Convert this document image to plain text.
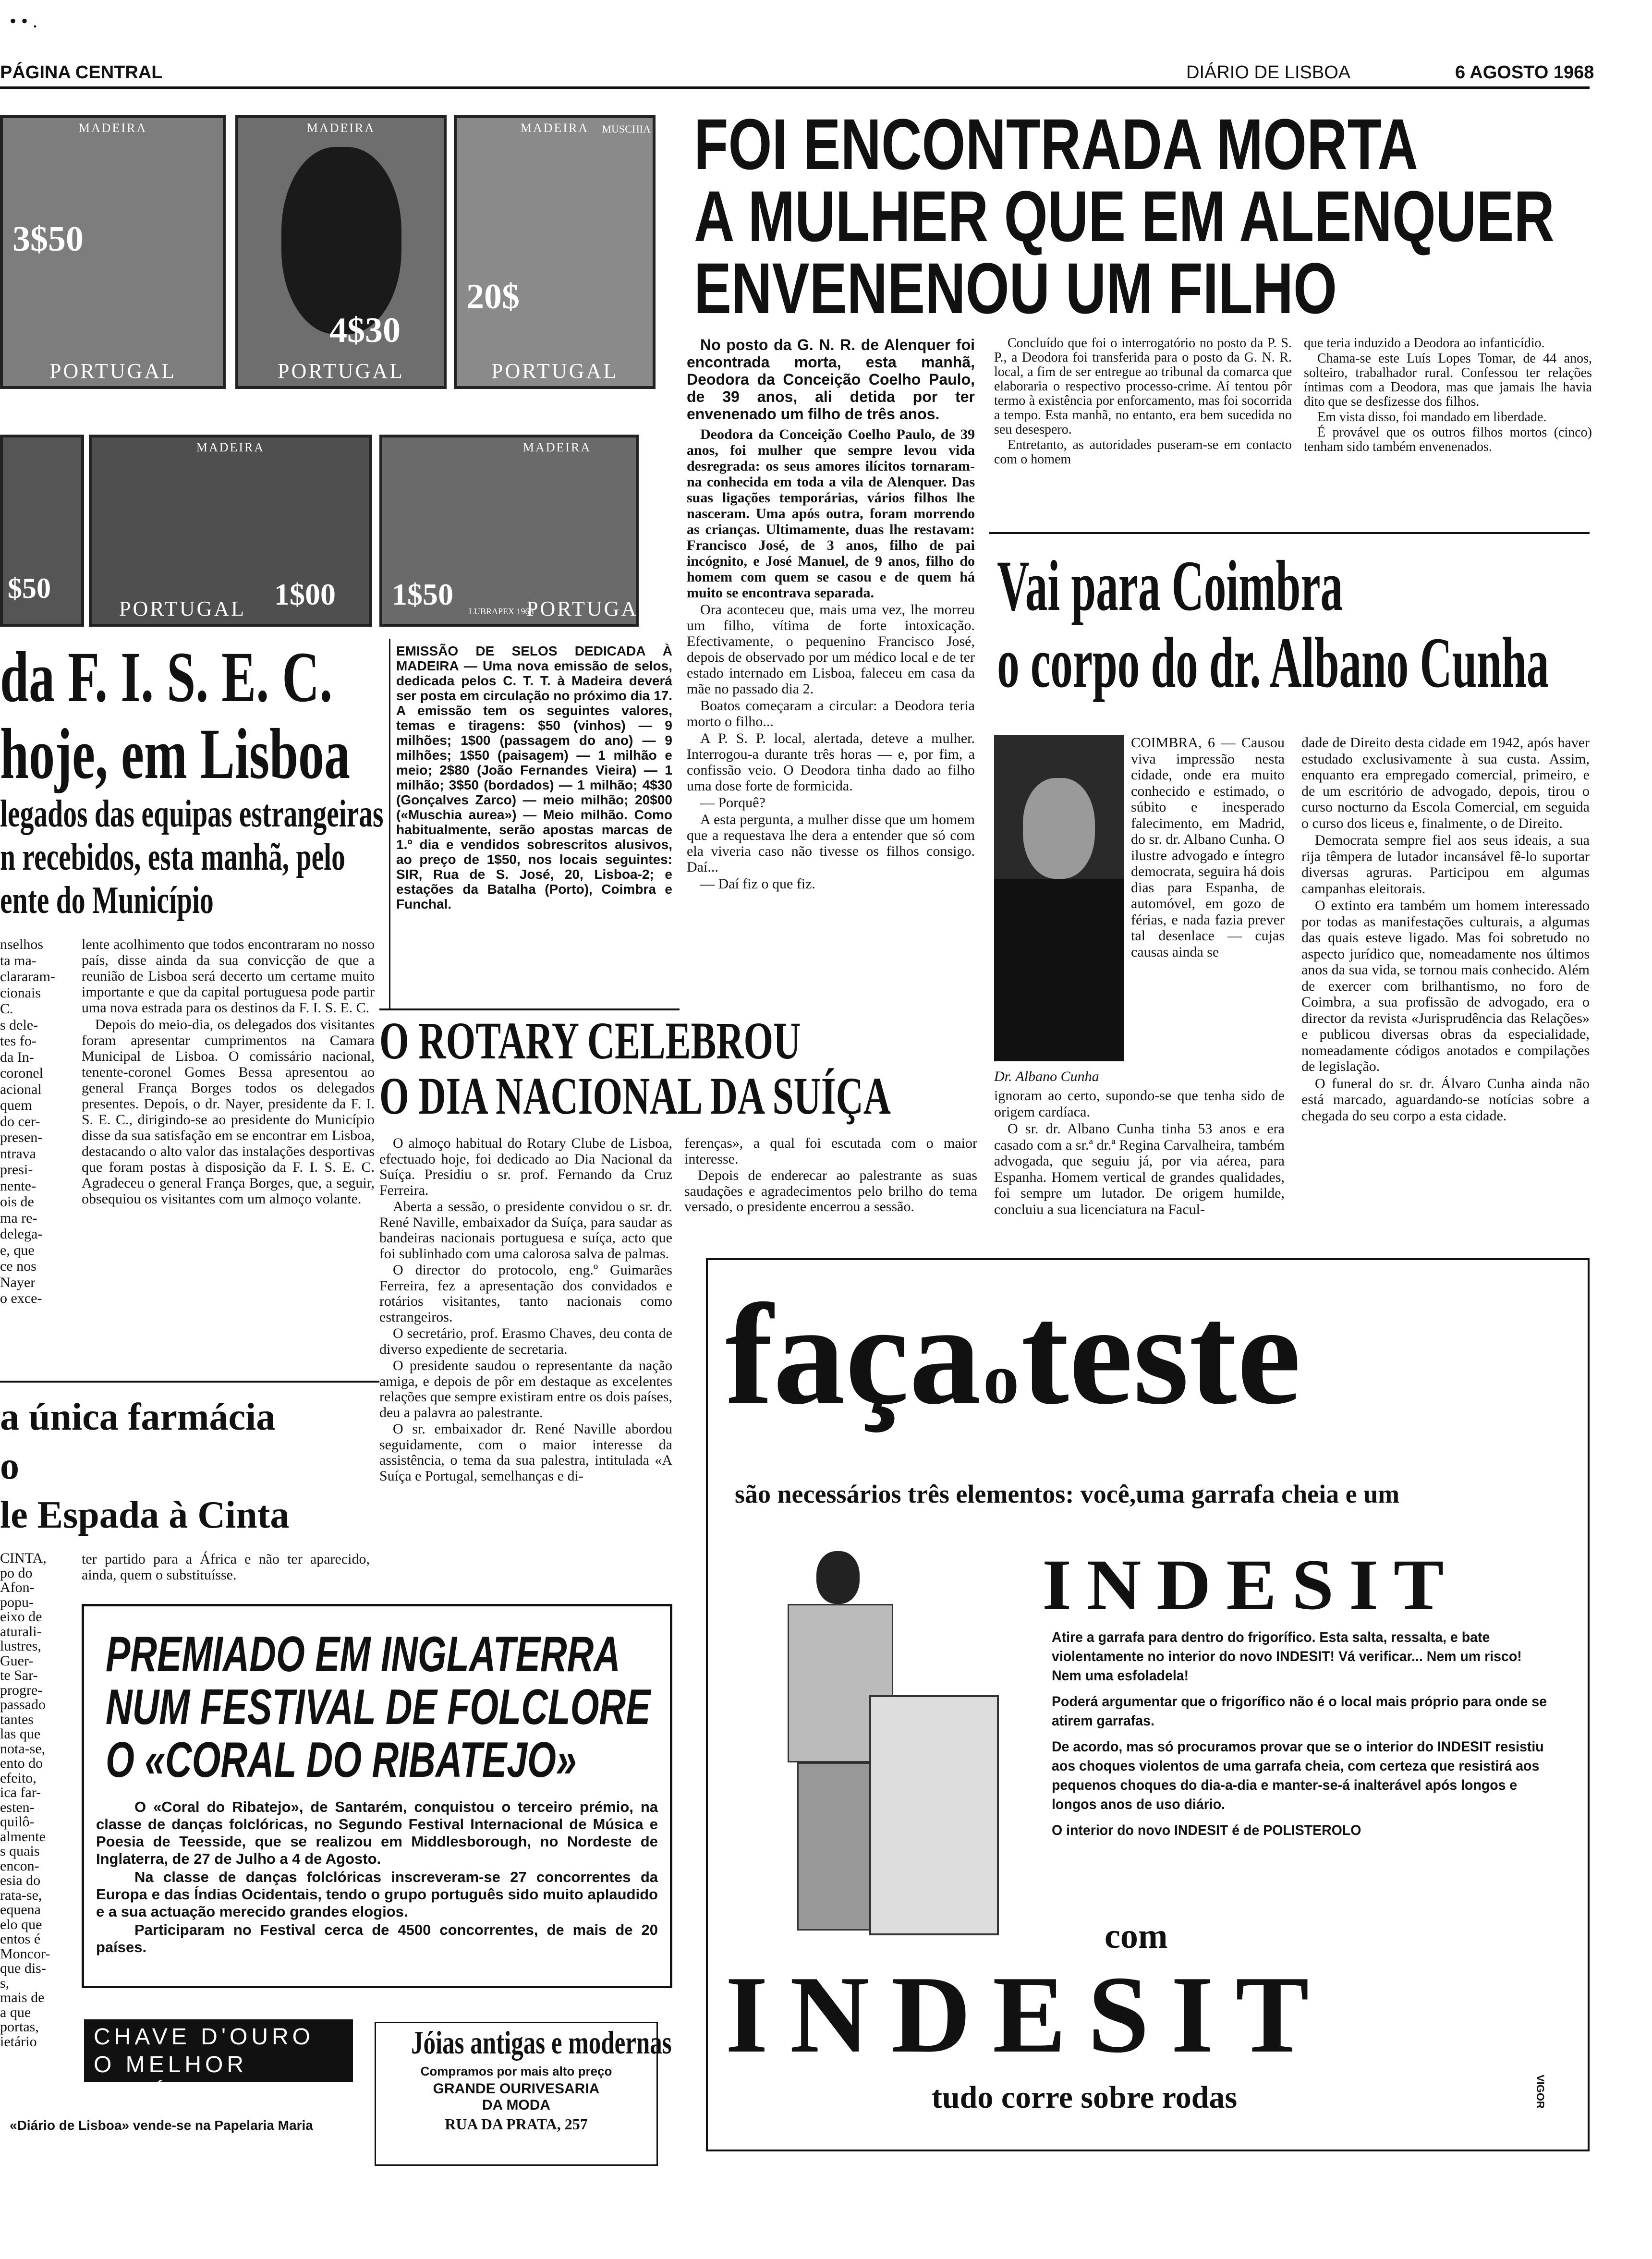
PÁGINA CENTRAL	DIÁRIO DE LISBOA	6 AGOSTO 1968
• • .
MADEIRA
3$50
PORTUGAL
MADEIRA
4$30
PORTUGAL
MADEIRA
20$
MUSCHIA
PORTUGAL
$50
MADEIRA
1$00
PORTUGAL
MADEIRA
1$50 LUBRAPEX 1968
PORTUGAL
FOI ENCONTRADA MORTA
A MULHER QUE EM ALENQUER
ENVENENOU UM FILHO

No posto da G. N. R. de Alenquer foi encontrada morta, esta manhã, Deodora da Conceição Coelho Paulo, de 39 anos, ali detida por ter envenenado um filho de três anos.

Deodora da Conceição Coelho Paulo, de 39 anos, foi mulher que sempre levou vida desregrada: os seus amores ilícitos tornaram-na conhecida em toda a vila de Alenquer. Das suas ligações temporárias, vários filhos lhe nasceram. Uma após outra, foram morrendo as crianças. Ultimamente, duas lhe restavam: Francisco José, de 3 anos, filho de pai incógnito, e José Manuel, de 9 anos, filho do homem com quem se casou e de quem há muito se encontrava separada.

Ora aconteceu que, mais uma vez, lhe morreu um filho, vítima de forte intoxicação. Efectivamente, o pequenino Francisco José, depois de observado por um médico local e de ter estado internado em Lisboa, faleceu em casa da mãe no passado dia 2.

Boatos começaram a circular: a Deodora teria morto o filho...

A P. S. P. local, alertada, deteve a mulher. Interrogou-a durante três horas — e, por fim, a confissão veio. O Deodora tinha dado ao filho uma dose forte de formicida.

— Porquê?

A esta pergunta, a mulher disse que um homem que a requestava lhe dera a entender que só com ela viveria caso não tivesse os filhos consigo. Daí...

— Daí fiz o que fiz.

Concluído que foi o interrogatório no posto da P. S. P., a Deodora foi transferida para o posto da G. N. R. local, a fim de ser entregue ao tribunal da comarca que elaboraria o respectivo processo-crime. Aí tentou pôr termo à existência por enforcamento, mas foi socorrida a tempo. Esta manhã, no entanto, era bem sucedida no seu desespero.

Entretanto, as autoridades puseram-se em contacto com o homem

que teria induzido a Deodora ao infanticídio.

Chama-se este Luís Lopes Tomar, de 44 anos, solteiro, trabalhador rural. Confessou ter relações íntimas com a Deodora, mas que jamais lhe havia dito que se desfizesse dos filhos.

Em vista disso, foi mandado em liberdade.

É provável que os outros filhos mortos (cinco) tenham sido também envenenados.

EMISSÃO DE SELOS DEDICADA À MADEIRA — Uma nova emissão de selos, dedicada pelos C. T. T. à Madeira deverá ser posta em circulação no próximo dia 17. A emissão tem os seguintes valores, temas e tiragens: $50 (vinhos) — 9 milhões; 1$00 (passagem do ano) — 9 milhões; 1$50 (paisagem) — 1 milhão e meio; 2$80 (João Fernandes Vieira) — 1 milhão; 3$50 (bordados) — 1 milhão; 4$30 (Gonçalves Zarco) — meio milhão; 20$00 («Muschia aurea») — Meio milhão. Como habitualmente, serão apostas marcas de 1.º dia e vendidos sobrescritos alusivos, ao preço de 1$50, nos locais seguintes: SIR, Rua de S. José, 20, Lisboa-2; e estações da Batalha (Porto), Coimbra e Funchal.

da F. I. S. E. C.
hoje, em Lisboa
legados das equipas estrangeiras
n recebidos, esta manhã, pelo
ente do Município
nselhos
ta ma-
clararam-
cionais
C.
s dele-
tes fo-
da In-
coronel
acional
quem
do cer-
presen-
ntrava
presi-
nente-
ois de
ma re-
delega-
e, que
ce nos
Nayer
o exce-

lente acolhimento que todos encontraram no nosso país, disse ainda da sua convicção de que a reunião de Lisboa será decerto um certame muito importante e que da capital portuguesa pode partir uma nova estrada para os destinos da F. I. S. E. C.

Depois do meio-dia, os delegados dos visitantes foram apresentar cumprimentos na Camara Municipal de Lisboa. O comissário nacional, tenente-coronel Gomes Bessa apresentou ao general França Borges todos os delegados presentes. Depois, o dr. Nayer, presidente da F. I. S. E. C., dirigindo-se ao presidente do Município disse da sua satisfação em se encontrar em Lisboa, destacando o alto valor das instalações desportivas que foram postas à disposição da F. I. S. E. C. Agradeceu o general França Borges, que, a seguir, obsequiou os visitantes com um almoço volante.

a única farmácia
o
le Espada à Cinta
CINTA,
po do
Afon-
popu-
eixo de
aturali-
lustres,
Guer-
te Sar-
progre-
passado
tantes
las que
nota-se,
ento do
efeito,
ica far-
esten-
quilô-
almente
s quais
encon-
esia do
rata-se,
equena
elo que
entos é
Moncor-
que dis-
s,
mais de
a que
portas,
ietário

ter partido para a África e não ter aparecido, ainda, quem o substituísse.

O ROTARY CELEBROU
O DIA NACIONAL DA SUÍÇA

O almoço habitual do Rotary Clube de Lisboa, efectuado hoje, foi dedicado ao Dia Nacional da Suíça. Presidiu o sr. prof. Fernando da Cruz Ferreira.

Aberta a sessão, o presidente convidou o sr. dr. René Naville, embaixador da Suíça, para saudar as bandeiras nacionais portuguesa e suíça, acto que foi sublinhado com uma calorosa salva de palmas.

O director do protocolo, eng.º Guimarães Ferreira, fez a apresentação dos convidados e rotários visitantes, tanto nacionais como estrangeiros.

O secretário, prof. Erasmo Chaves, deu conta de diverso expediente de secretaria.

O presidente saudou o representante da nação amiga, e depois de pôr em destaque as excelentes relações que sempre existiram entre os dois países, deu a palavra ao palestrante.

O sr. embaixador dr. René Naville abordou seguidamente, com o maior interesse da assistência, o tema da sua palestra, intitulada «A Suíça e Portugal, semelhanças e di-

ferenças», a qual foi escutada com o maior interesse.

Depois de enderecar ao palestrante as suas saudações e agradecimentos pelo brilho do tema versado, o presidente encerrou a sessão.

Vai para Coimbra
o corpo do dr. Albano Cunha
Dr. Albano Cunha

COIMBRA, 6 — Causou viva impressão nesta cidade, onde era muito conhecido e estimado, o súbito e inesperado falecimento, em Madrid, do sr. dr. Albano Cunha. O ilustre advogado e íntegro democrata, seguira há dois dias para Espanha, de automóvel, em gozo de férias, e nada fazia prever tal desenlace — cujas causas ainda se

ignoram ao certo, supondo-se que tenha sido de origem cardíaca.

O sr. dr. Albano Cunha tinha 53 anos e era casado com a sr.ª dr.ª Regina Carvalheira, também advogada, que seguiu já, por via aérea, para Espanha. Homem vertical de grandes qualidades, foi sempre um lutador. De origem humilde, concluiu a sua licenciatura na Facul-

dade de Direito desta cidade em 1942, após haver estudado exclusivamente à sua custa. Assim, enquanto era empregado comercial, primeiro, e de um escritório de advogado, depois, tirou o curso nocturno da Escola Comercial, em seguida o curso dos liceus e, finalmente, o de Direito.

Democrata sempre fiel aos seus ideais, a sua rija têmpera de lutador incansável fê-lo suportar diversas agruras. Participou em algumas campanhas eleitorais.

O extinto era também um homem interessado por todas as manifestações culturais, a algumas das quais esteve ligado. Mas foi sobretudo no aspecto jurídico que, nomeadamente nos últimos anos da sua vida, se tornou mais conhecido. Além de exercer com brilhantismo, no foro de Coimbra, a sua profissão de advogado, era o director da revista «Jurisprudência das Relações» e publicou diversas obras da especialidade, nomeadamente códigos anotados e compilações de legislação.

O funeral do sr. dr. Álvaro Cunha ainda não está marcado, aguardando-se notícias sobre a chegada do seu corpo a esta cidade.

PREMIADO EM INGLATERRA
NUM FESTIVAL DE FOLCLORE
O «CORAL DO RIBATEJO»

O «Coral do Ribatejo», de Santarém, conquistou o terceiro prémio, na classe de danças folclóricas, no Segundo Festival Internacional de Música e Poesia de Teesside, que se realizou em Middlesborough, no Nordeste de Inglaterra, de 27 de Julho a 4 de Agosto.

Na classe de danças folclóricas inscreveram-se 27 concorrentes da Europa e das Índias Ocidentais, tendo o grupo português sido muito aplaudido e a sua actuação merecido grandes elogios.

Participaram no Festival cerca de 4500 concorrentes, de mais de 20 países.

CHAVE D'OURO
O MELHOR CAFÉ...
Jóias antigas e modernas
Compramos por mais alto preço
GRANDE OURIVESARIA
DA MODA
RUA DA PRATA, 257
«Diário de Lisboa» vende-se na Papelaria Maria
faça o teste
são necessários três elementos: você,uma garrafa cheia e um
INDESIT

Atire a garrafa para dentro do frigorífico. Esta salta, ressalta, e bate violentamente no interior do novo INDESIT! Vá verificar... Nem um risco! Nem uma esfoladela!

Poderá argumentar que o frigorífico não é o local mais próprio para onde se atirem garrafas.

De acordo, mas só procuramos provar que se o interior do INDESIT resistiu aos choques violentos de uma garrafa cheia, com certeza que resistirá aos pequenos choques do dia-a-dia e manter-se-á inalterável após longos e longos anos de uso diário.

O interior do novo INDESIT é de POLISTEROLO

com
INDESIT
tudo corre sobre rodas	VIGOR
